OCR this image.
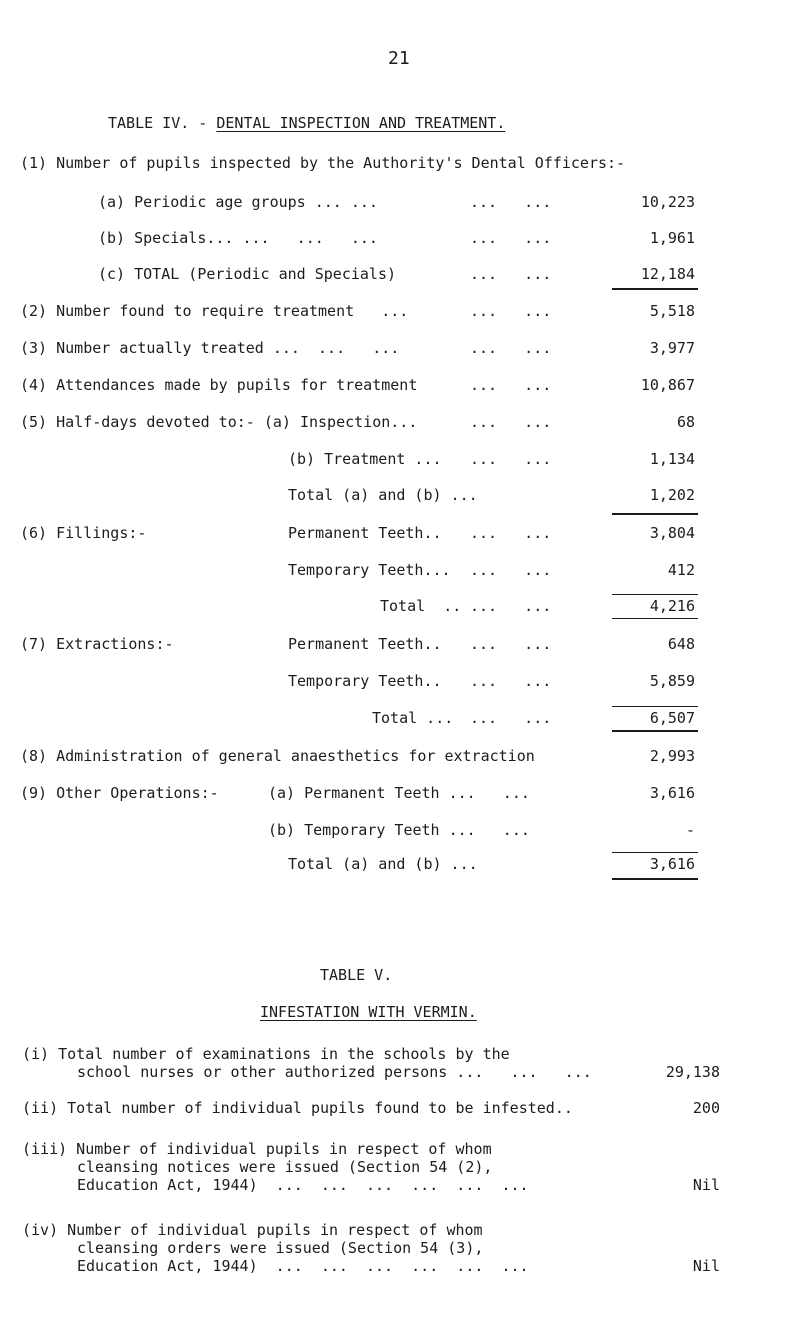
21
TABLE IV. - DENTAL INSPECTION AND TREATMENT.
(1) Number of pupils inspected by the Authority's Dental Officers:-
(a) Periodic age groups ... ...	...   ...	10,223
(b) Specials... ...   ...   ...	...   ...	1,961
(c) TOTAL (Periodic and Specials)	...   ...	12,184
(2) Number found to require treatment   ...	...   ...	5,518
(3) Number actually treated ...  ...   ...	...   ...	3,977
(4) Attendances made by pupils for treatment	...   ...	10,867
(5) Half-days devoted to:- (a) Inspection...	...   ...	68
(b) Treatment ... ...   ...	1,134
Total (a) and (b) ...	1,202
(6) Fillings:-	Permanent Teeth.. ...   ...	3,804
Temporary Teeth... ...   ...	412
Total  .. ...   ...	4,216
(7) Extractions:-	Permanent Teeth.. ...   ...	648
Temporary Teeth.. ...   ...	5,859
Total ... ...   ...	6,507
(8) Administration of general anaesthetics for extraction	2,993
(9) Other Operations:-	(a) Permanent Teeth ...   ...	3,616
(b) Temporary Teeth ...   ...	-
Total (a) and (b) ...	3,616
TABLE V.
INFESTATION WITH VERMIN.
(i) Total number of examinations in the schools by the
school nurses or other authorized persons ...   ...   ...	29,138
(ii) Total number of individual pupils found to be infested..	200
(iii) Number of individual pupils in respect of whom
cleansing notices were issued (Section 54 (2),
Education Act, 1944)  ...  ...  ...  ...  ...  ...	Nil
(iv) Number of individual pupils in respect of whom
cleansing orders were issued (Section 54 (3),
Education Act, 1944)  ...  ...  ...  ...  ...  ...	Nil
